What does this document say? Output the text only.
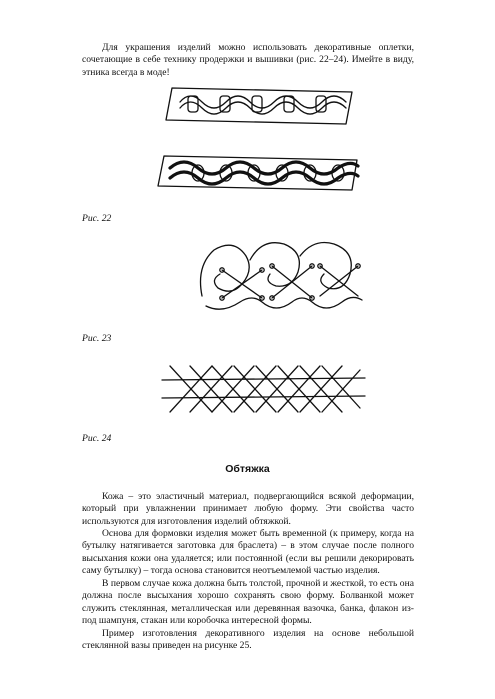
Для украшения изделий можно использовать декоративные оплетки, сочетающие в себе технику продержки и вышивки (рис. 22–24). Имейте в виду, этника всегда в моде!

Рис. 22

Рис. 23

Рис. 24

Обтяжка

Кожа – это эластичный материал, подвергающийся всякой деформации, который при увлажнении принимает любую форму. Эти свойства часто используются для изготовления изделий обтяжкой.

Основа для формовки изделия может быть временной (к примеру, когда на бутылку натягивается заготовка для браслета) – в этом случае после полного высыхания кожи она удаляется; или постоянной (если вы решили декорировать саму бутылку) – тогда основа становится неотъемлемой частью изделия.

В первом случае кожа должна быть толстой, прочной и жесткой, то есть она должна после высыхания хорошо сохранять свою форму. Болванкой может служить стеклянная, металлическая или деревянная вазочка, банка, флакон из-под шампуня, стакан или коробочка интересной формы.

Пример изготовления декоративного изделия на основе небольшой стеклянной вазы приведен на рисунке 25.
